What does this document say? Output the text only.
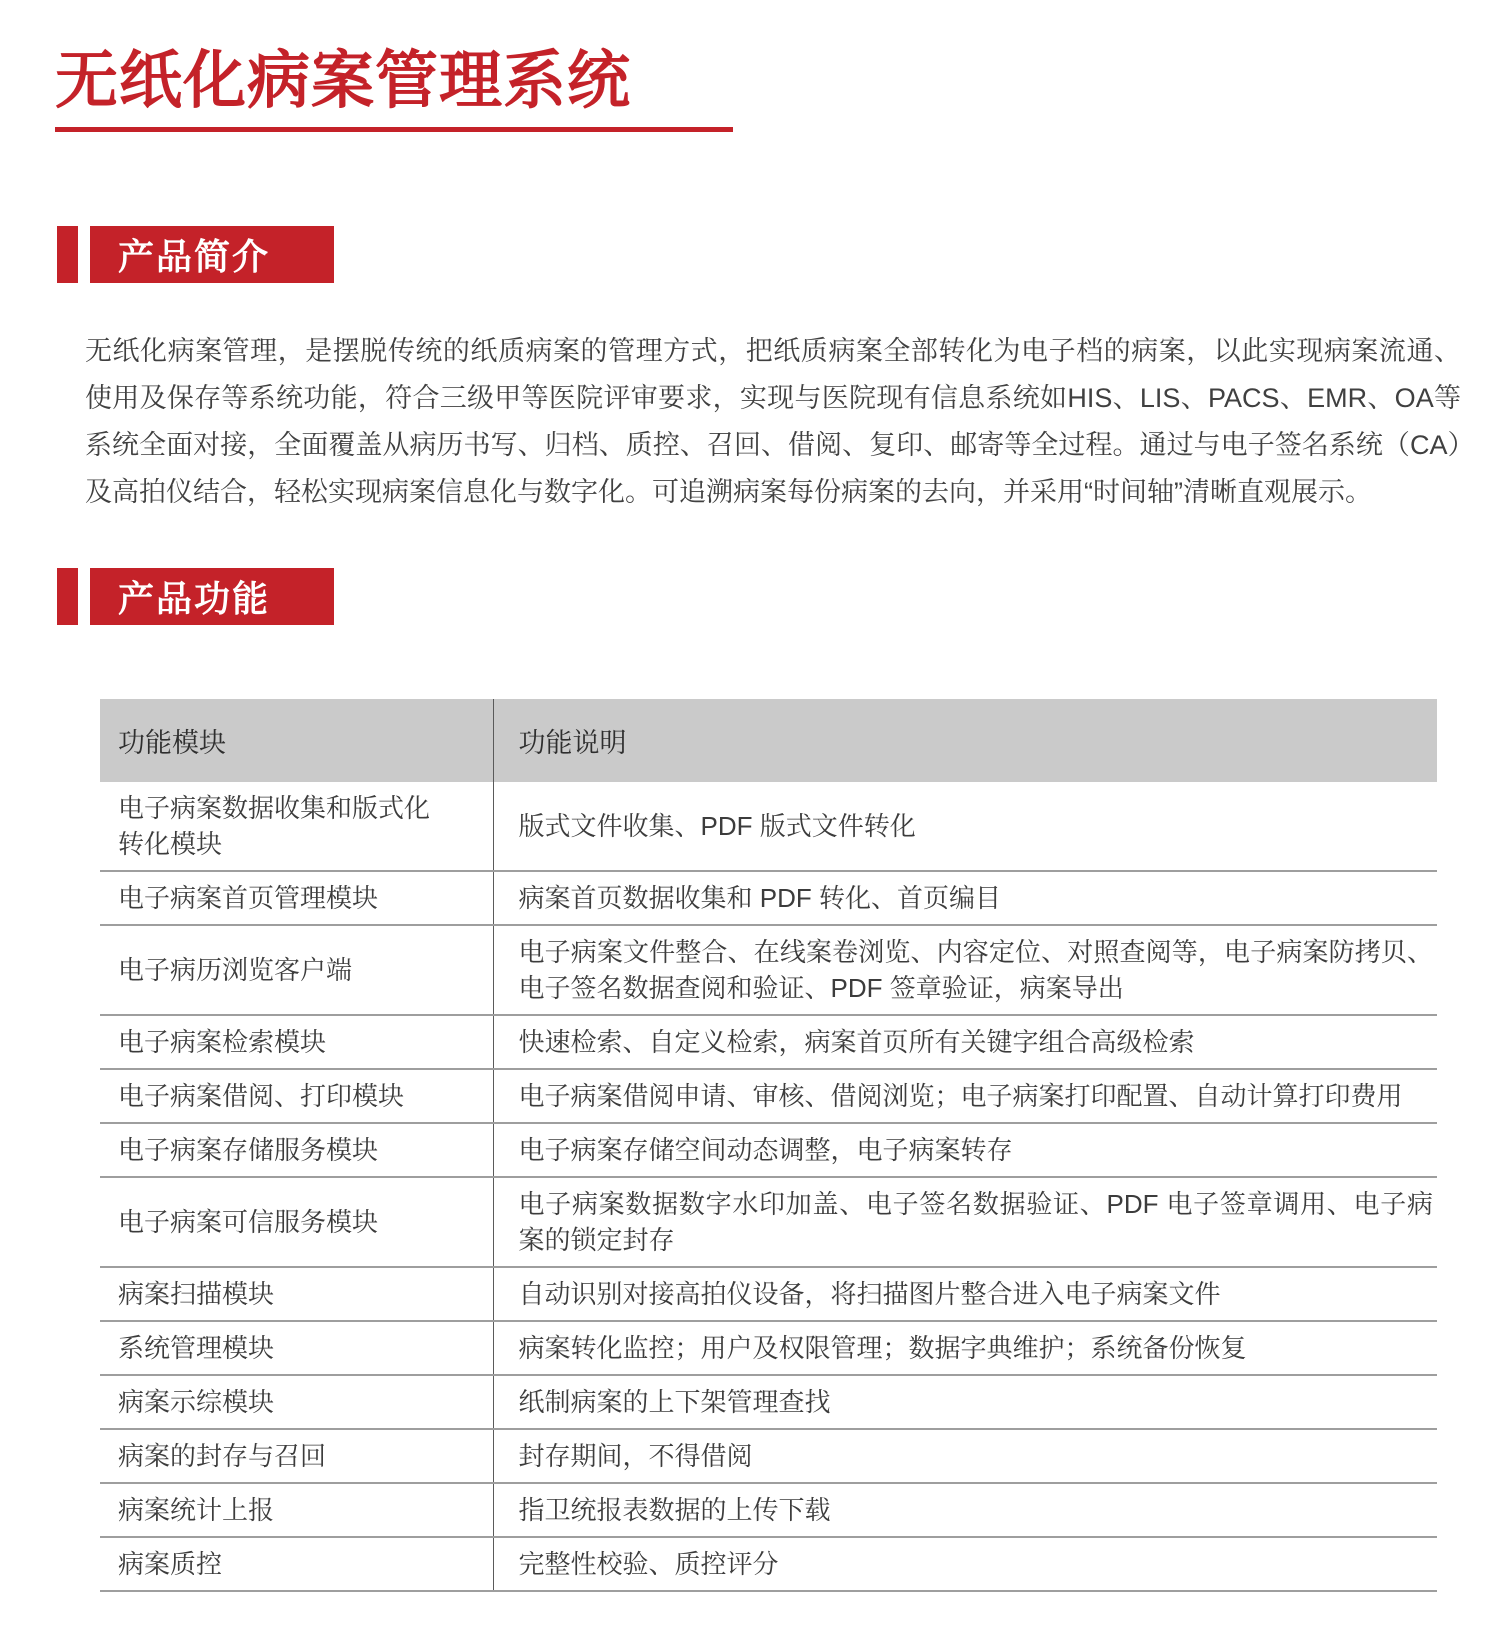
无纸化病案管理系统
产品简介

无纸化病案管理，是摆脱传统的纸质病案的管理方式，把纸质病案全部转化为电子档的病案，以此实现病案流通、使用及保存等系统功能，符合三级甲等医院评审要求，实现与医院现有信息系统如HIS、LIS、PACS、EMR、OA等系统全面对接，全面覆盖从病历书写、归档、质控、召回、借阅、复印、邮寄等全过程。通过与电子签名系统（CA）及高拍仪结合，轻松实现病案信息化与数字化。可追溯病案每份病案的去向，并采用“时间轴”清晰直观展示。

产品功能
功能模块	功能说明
电子病案数据收集和版式化转化模块	版式文件收集、PDF 版式文件转化
电子病案首页管理模块	病案首页数据收集和 PDF 转化、首页编目
电子病历浏览客户端	电子病案文件整合、在线案卷浏览、内容定位、对照查阅等，电子病案防拷贝、电子签名数据查阅和验证、PDF 签章验证，病案导出
电子病案检索模块	快速检索、自定义检索，病案首页所有关键字组合高级检索
电子病案借阅、打印模块	电子病案借阅申请、审核、借阅浏览；电子病案打印配置、自动计算打印费用
电子病案存储服务模块	电子病案存储空间动态调整，电子病案转存
电子病案可信服务模块	电子病案数据数字水印加盖、电子签名数据验证、PDF 电子签章调用、电子病案的锁定封存
病案扫描模块	自动识别对接高拍仪设备，将扫描图片整合进入电子病案文件
系统管理模块	病案转化监控；用户及权限管理；数据字典维护；系统备份恢复
病案示综模块	纸制病案的上下架管理查找
病案的封存与召回	封存期间，不得借阅
病案统计上报	指卫统报表数据的上传下载
病案质控	完整性校验、质控评分
